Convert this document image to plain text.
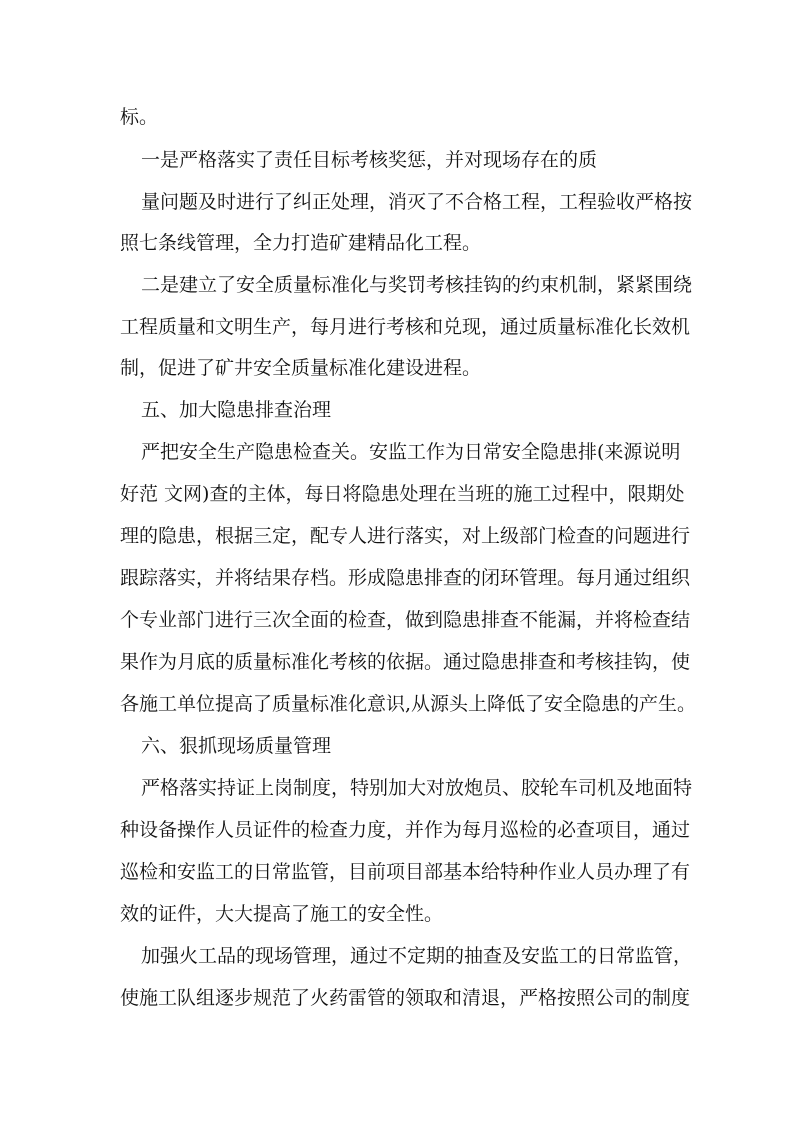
标。
一是严格落实了责任目标考核奖惩，并对现场存在的质
量问题及时进行了纠正处理，消灭了不合格工程，工程验收严格按
照七条线管理，全力打造矿建精品化工程。
二是建立了安全质量标准化与奖罚考核挂钩的约束机制，紧紧围绕
工程质量和文明生产，每月进行考核和兑现，通过质量标准化长效机
制，促进了矿井安全质量标准化建设进程。
五、加大隐患排查治理
严把安全生产隐患检查关。安监工作为日常安全隐患排(来源说明
好范 文网)查的主体，每日将隐患处理在当班的施工过程中，限期处
理的隐患，根据三定，配专人进行落实，对上级部门检查的问题进行
跟踪落实，并将结果存档。形成隐患排查的闭环管理。每月通过组织
个专业部门进行三次全面的检查，做到隐患排查不能漏，并将检查结
果作为月底的质量标准化考核的依据。通过隐患排查和考核挂钩，使
各施工单位提高了质量标准化意识,从源头上降低了安全隐患的产生。
六、狠抓现场质量管理
严格落实持证上岗制度，特别加大对放炮员、胶轮车司机及地面特
种设备操作人员证件的检查力度，并作为每月巡检的必查项目，通过
巡检和安监工的日常监管，目前项目部基本给特种作业人员办理了有
效的证件，大大提高了施工的安全性。
加强火工品的现场管理，通过不定期的抽查及安监工的日常监管，
使施工队组逐步规范了火药雷管的领取和清退，严格按照公司的制度
